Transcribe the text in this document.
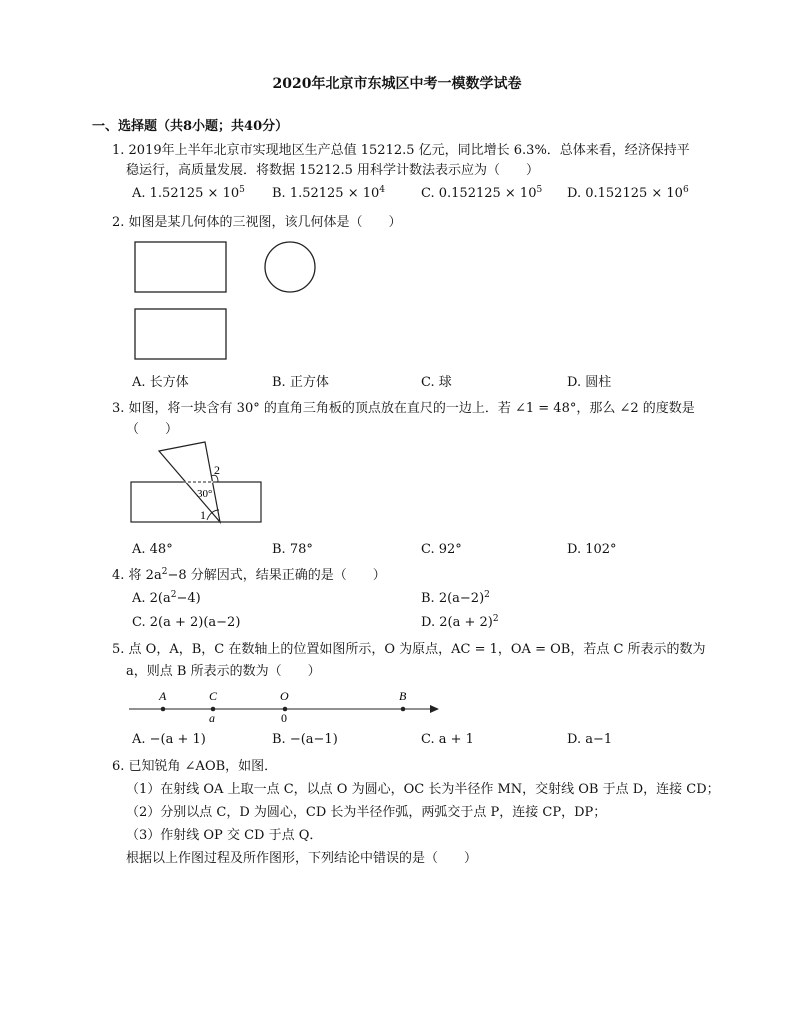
2020年北京市东城区中考一模数学试卷
一、选择题（共8小题；共40分）
1. 2019年上半年北京市实现地区生产总值 15212.5 亿元，同比增长 6.3%．总体来看，经济保持平
稳运行，高质量发展．将数据 15212.5 用科学计数法表示应为（　　）
A. $1.52125 \times 10^5$ B. $1.52125 \times 10^4$	C. $0.152125 \times 10^5$ D. $0.152125 \times 10^6$
2. 如图是某几何体的三视图，该几何体是（　　）
A. 长方体	B. 正方体	C. 球	D. 圆柱
3. 如图，将一块含有 30° 的直角三角板的顶点放在直尺的一边上．若 ∠1 = 48°，那么 ∠2 的度数是
（　　）
2
30°
1
A. 48°	B. 78°	C. 92°	D. 102°
4. 将 $2a^2-8$ 分解因式，结果正确的是（　　）
A. $2(a^2-4)$	B. $2(a-2)^2$
C. 2(a + 2)(a−2)	D. $2(a + 2)^2$
5. 点 O，A，B，C 在数轴上的位置如图所示，O 为原点，AC = 1，OA = OB，若点 C 所表示的数为
a，则点 B 所表示的数为（　　）
A	C	O	B
a	0
A. −(a + 1)	B. −(a−1)	C. a + 1	D. a−1
6. 已知锐角 ∠AOB，如图．
（1）在射线 OA 上取一点 C，以点 O 为圆心，OC 长为半径作 MN，交射线 OB 于点 D，连接 CD；
（2）分别以点 C，D 为圆心，CD 长为半径作弧，两弧交于点 P，连接 CP，DP；
（3）作射线 OP 交 CD 于点 Q．
根据以上作图过程及所作图形，下列结论中错误的是（　　）
